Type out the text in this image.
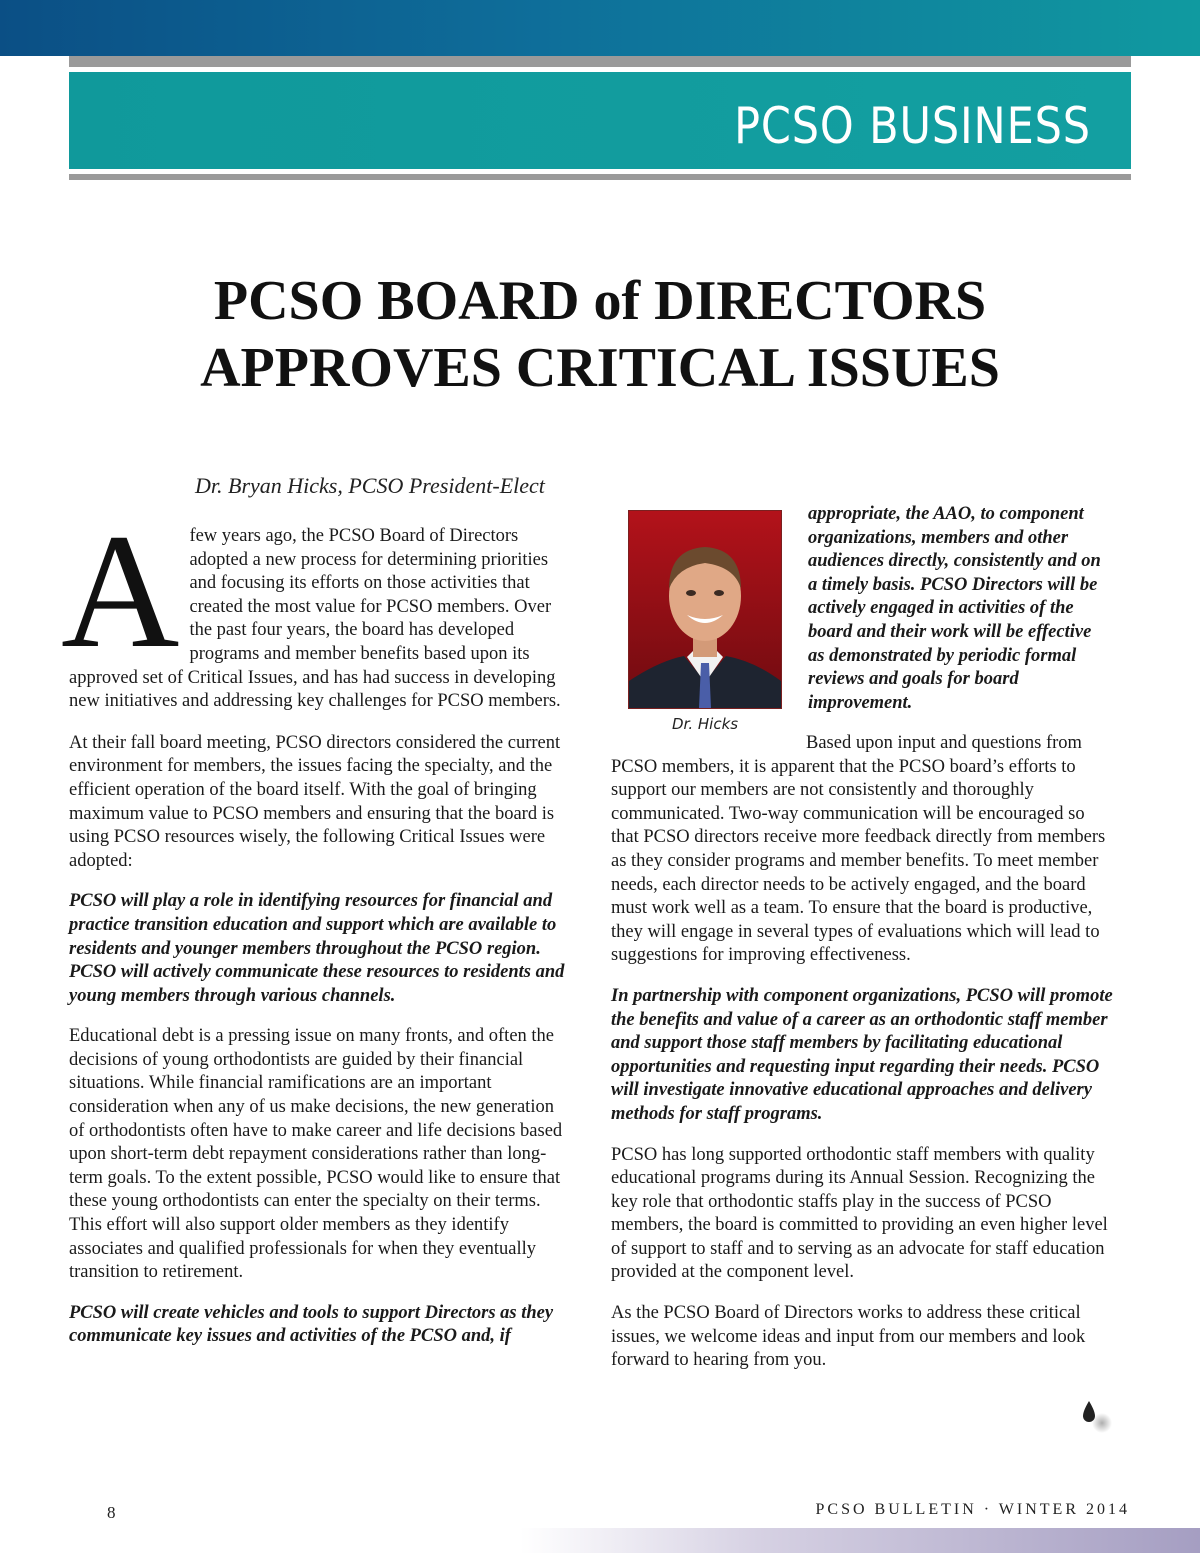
PCSO BUSINESS
PCSO BOARD of DIRECTORS
APPROVES CRITICAL ISSUES
Dr. Bryan Hicks, PCSO President-Elect

Afew years ago, the PCSO Board of Directors adopted a new process for determining priorities and focusing its efforts on those activities that created the most value for PCSO members. Over the past four years, the board has developed programs and member benefits based upon its approved set of Critical Issues, and has had success in developing new initiatives and addressing key challenges for PCSO members.

At their fall board meeting, PCSO directors considered the current environment for members, the issues facing the specialty, and the efficient operation of the board itself. With the goal of bringing maximum value to PCSO members and ensuring that the board is using PCSO resources wisely, the following Critical Issues were adopted:

PCSO will play a role in identifying resources for financial and practice transition education and support which are available to residents and younger members throughout the PCSO region. PCSO will actively communicate these resources to residents and young members through various channels.

Educational debt is a pressing issue on many fronts, and often the decisions of young orthodontists are guided by their financial situations. While financial ramifications are an important consideration when any of us make decisions, the new generation of orthodontists often have to make career and life decisions based upon short-term debt repayment considerations rather than long-term goals. To the extent possible, PCSO would like to ensure that these young orthodontists can enter the specialty on their terms. This effort will also support older members as they identify associates and qualified professionals for when they eventually transition to retirement.

PCSO will create vehicles and tools to support Directors as they communicate key issues and activities of the PCSO and, if

Dr. Hicks
appropriate, the AAO, to component organizations, members and other audiences directly, consistently and on a timely basis. PCSO Directors will be actively engaged in activities of the board and their work will be effective as demonstrated by periodic formal reviews and goals for board improvement.

Based upon input and questions from PCSO members, it is apparent that the PCSO board’s efforts to support our members are not consistently and thoroughly communicated. Two-way communication will be encouraged so that PCSO directors receive more feedback directly from members as they consider programs and member benefits. To meet member needs, each director needs to be actively engaged, and the board must work well as a team. To ensure that the board is productive, they will engage in several types of evaluations which will lead to suggestions for improving effectiveness.

In partnership with component organizations, PCSO will promote the benefits and value of a career as an orthodontic staff member and support those staff members by facilitating educational opportunities and requesting input regarding their needs. PCSO will investigate innovative educational approaches and delivery methods for staff programs.

PCSO has long supported orthodontic staff members with quality educational programs during its Annual Session. Recognizing the key role that orthodontic staffs play in the success of PCSO members, the board is committed to providing an even higher level of support to staff and to serving as an advocate for staff education provided at the component level.

As the PCSO Board of Directors works to address these critical issues, we welcome ideas and input from our members and look forward to hearing from you.

8	PCSO BULLETIN · WINTER 2014
